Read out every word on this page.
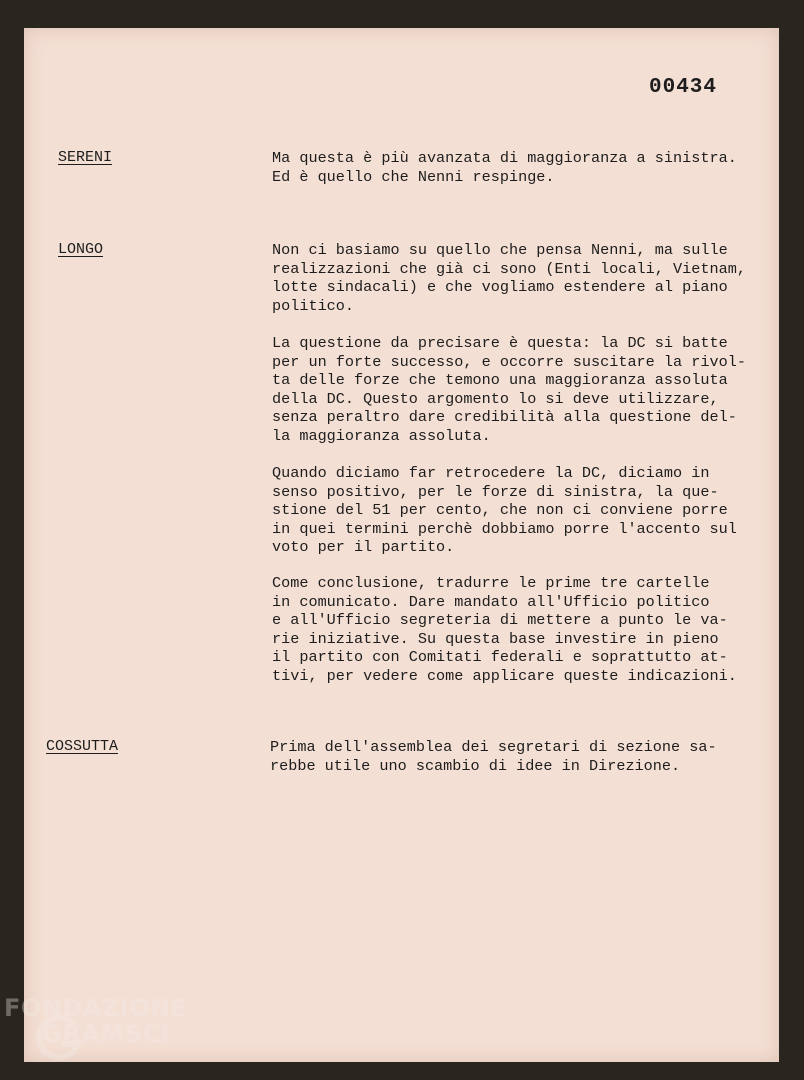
00434
SERENI	Ma questa è più avanzata di maggioranza a sinistra.
Ed è quello che Nenni respinge.
LONGO	Non ci basiamo su quello che pensa Nenni, ma sulle
realizzazioni che già ci sono (Enti locali, Vietnam,
lotte sindacali) e che vogliamo estendere al piano
politico.
La questione da precisare è questa: la DC si batte
per un forte successo, e occorre suscitare la rivol-
ta delle forze che temono una maggioranza assoluta
della DC. Questo argomento lo si deve utilizzare,
senza peraltro dare credibilità alla questione del-
la maggioranza assoluta.
Quando diciamo far retrocedere la DC, diciamo in
senso positivo, per le forze di sinistra, la que-
stione del 51 per cento, che non ci conviene porre
in quei termini perchè dobbiamo porre l'accento sul
voto per il partito.
Come conclusione, tradurre le prime tre cartelle
in comunicato. Dare mandato all'Ufficio politico
e all'Ufficio segreteria di mettere a punto le va-
rie iniziative. Su questa base investire in pieno
il partito con Comitati federali e soprattutto at-
tivi, per vedere come applicare queste indicazioni.
COSSUTTA	Prima dell'assemblea dei segretari di sezione sa-
rebbe utile uno scambio di idee in Direzione.
FONDAZIONE
GRAMSCI
